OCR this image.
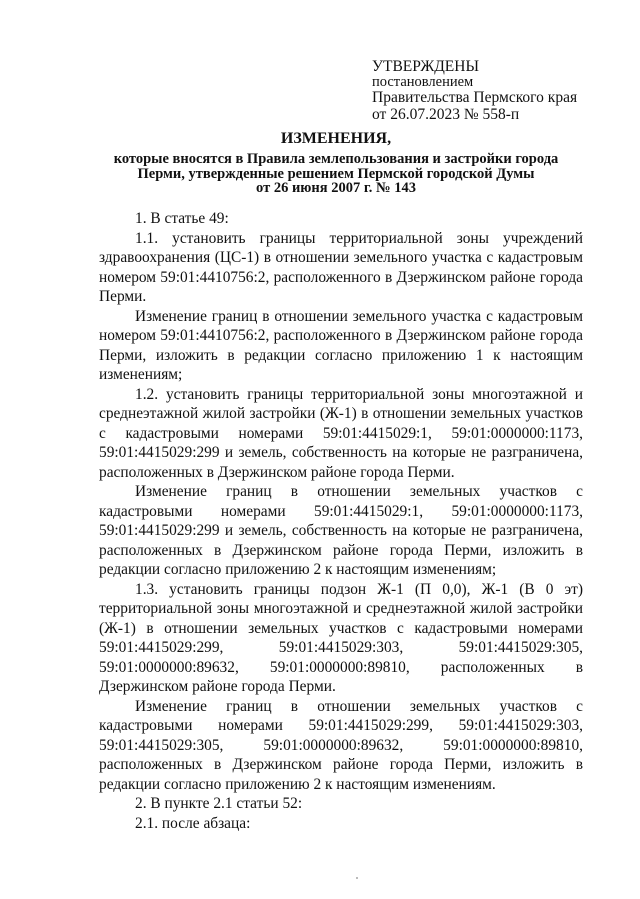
УТВЕРЖДЕНЫ
постановлением
Правительства Пермского края
от 26.07.2023 № 558-п
ИЗМЕНЕНИЯ,
которые вносятся в Правила землепользования и застройки города
Перми, утвержденные решением Пермской городской Думы
от 26 июня 2007 г. № 143

1. В статье 49:

1.1. установить границы территориальной зоны учреждений здравоохранения (ЦС-1) в отношении земельного участка с кадастровым номером 59:01:4410756:2, расположенного в Дзержинском районе города Перми.

Изменение границ в отношении земельного участка с кадастровым номером 59:01:4410756:2, расположенного в Дзержинском районе города Перми, изложить в редакции согласно приложению 1 к настоящим изменениям;

1.2. установить границы территориальной зоны многоэтажной и среднеэтажной жилой застройки (Ж-1) в отношении земельных участков с кадастровыми номерами 59:01:4415029:1, 59:01:0000000:1173, 59:01:4415029:299 и земель, собственность на которые не разграничена, расположенных в Дзержинском районе города Перми.

Изменение границ в отношении земельных участков с кадастровыми номерами 59:01:4415029:1, 59:01:0000000:1173, 59:01:4415029:299 и земель, собственность на которые не разграничена, расположенных в Дзержинском районе города Перми, изложить в редакции согласно приложению 2 к настоящим изменениям;

1.3. установить границы подзон Ж-1 (П 0,0), Ж-1 (В 0 эт) территориальной зоны многоэтажной и среднеэтажной жилой застройки (Ж-1) в отношении земельных участков с кадастровыми номерами 59:01:4415029:299, 59:01:4415029:303, 59:01:4415029:305, 59:01:0000000:89632, 59:01:0000000:89810, расположенных в Дзержинском районе города Перми.

Изменение границ в отношении земельных участков с кадастровыми номерами 59:01:4415029:299, 59:01:4415029:303, 59:01:4415029:305, 59:01:0000000:89632, 59:01:0000000:89810, расположенных в Дзержинском районе города Перми, изложить в редакции согласно приложению 2 к настоящим изменениям.

2. В пункте 2.1 статьи 52:

2.1. после абзаца:
